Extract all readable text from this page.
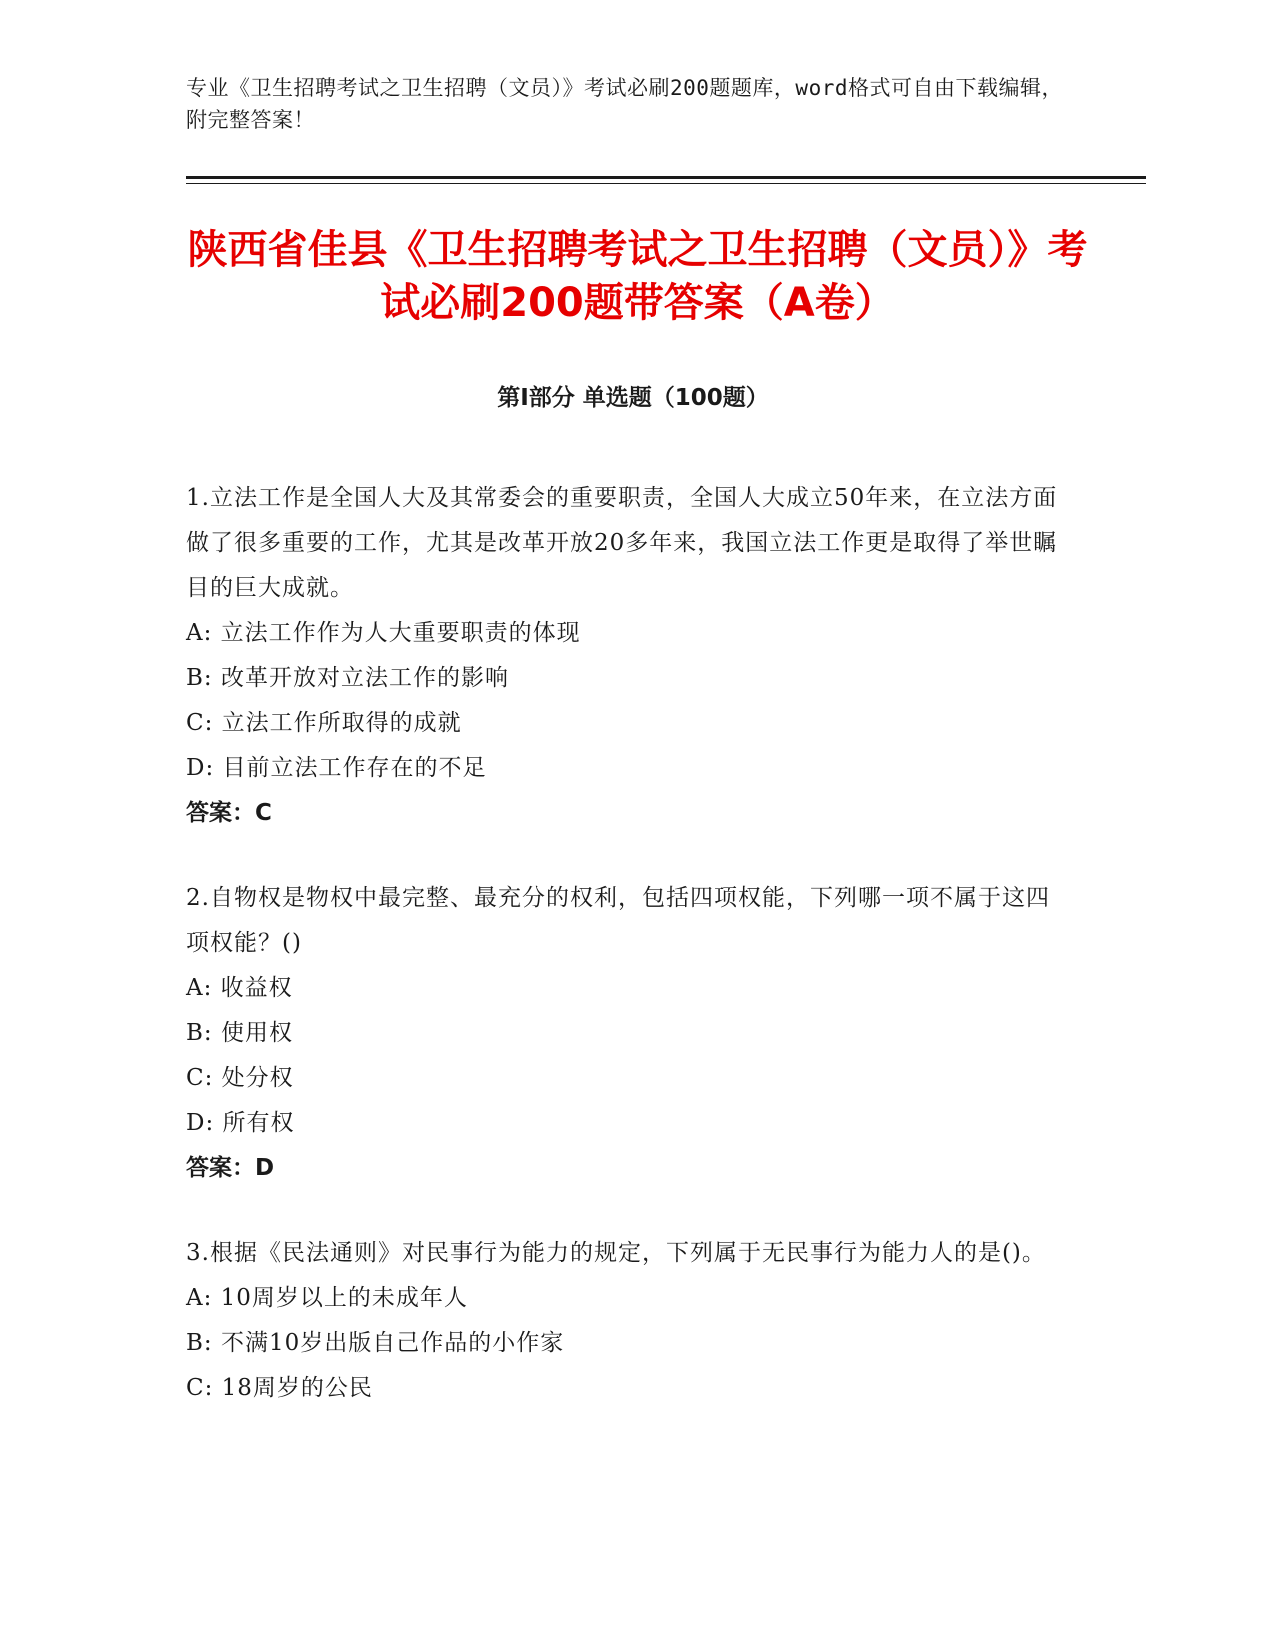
专业《卫生招聘考试之卫生招聘（文员）》考试必刷200题题库，word格式可自由下载编辑，附完整答案！
陕西省佳县《卫生招聘考试之卫生招聘（文员）》考试必刷200题带答案（A卷）
第Ⅰ部分 单选题（100题）

1.立法工作是全国人大及其常委会的重要职责，全国人大成立50年来，在立法方面做了很多重要的工作，尤其是改革开放20多年来，我国立法工作更是取得了举世瞩目的巨大成就。

A: 立法工作作为人大重要职责的体现

B: 改革开放对立法工作的影响

C: 立法工作所取得的成就

D: 目前立法工作存在的不足

答案：C

2.自物权是物权中最完整、最充分的权利，包括四项权能，下列哪一项不属于这四项权能？()

A: 收益权

B: 使用权

C: 处分权

D: 所有权

答案：D

3.根据《民法通则》对民事行为能力的规定，下列属于无民事行为能力人的是()。

A: 10周岁以上的未成年人

B: 不满10岁出版自己作品的小作家

C: 18周岁的公民
